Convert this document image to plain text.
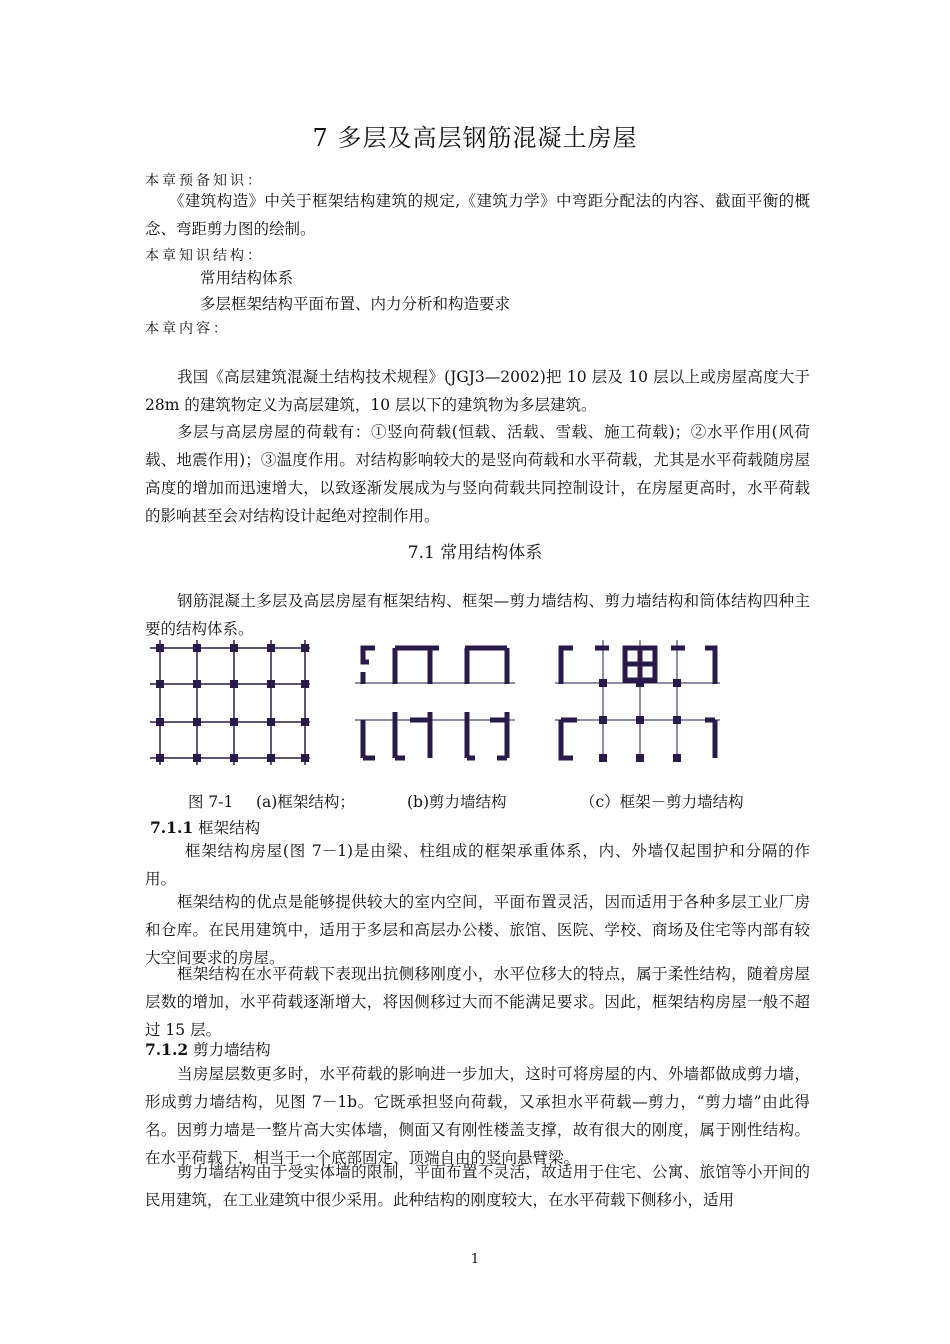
7 多层及高层钢筋混凝土房屋
本章预备知识：

《建筑构造》中关于框架结构建筑的规定,《建筑力学》中弯距分配法的内容、截面平衡的概念、弯距剪力图的绘制。

本章知识结构：
常用结构体系
多层框架结构平面布置、内力分析和构造要求
本章内容：

我国《高层建筑混凝土结构技术规程》(JGJ3—2002)把 10 层及 10 层以上或房屋高度大于 28m 的建筑物定义为高层建筑，10 层以下的建筑物为多层建筑。

多层与高层房屋的荷载有：①竖向荷载(恒载、活载、雪载、施工荷载)；②水平作用(风荷载、地震作用)；③温度作用。对结构影响较大的是竖向荷载和水平荷载，尤其是水平荷载随房屋高度的增加而迅速增大，以致逐渐发展成为与竖向荷载共同控制设计，在房屋更高时，水平荷载的影响甚至会对结构设计起绝对控制作用。

7.1 常用结构体系

钢筋混凝土多层及高层房屋有框架结构、框架—剪力墙结构、剪力墙结构和筒体结构四种主要的结构体系。

图 7-1 (a)框架结构；	(b)剪力墙结构	（c）框架－剪力墙结构
7.1.1 框架结构

框架结构房屋(图 7－1)是由梁、柱组成的框架承重体系，内、外墙仅起围护和分隔的作用。

框架结构的优点是能够提供较大的室内空间，平面布置灵活，因而适用于各种多层工业厂房和仓库。在民用建筑中，适用于多层和高层办公楼、旅馆、医院、学校、商场及住宅等内部有较大空间要求的房屋。

框架结构在水平荷载下表现出抗侧移刚度小，水平位移大的特点，属于柔性结构，随着房屋层数的增加，水平荷载逐渐增大，将因侧移过大而不能满足要求。因此，框架结构房屋一般不超过 15 层。

7.1.2 剪力墙结构

当房屋层数更多时，水平荷载的影响进一步加大，这时可将房屋的内、外墙都做成剪力墙，形成剪力墙结构，见图 7－1b。它既承担竖向荷载，又承担水平荷载—剪力，“剪力墙”由此得名。因剪力墙是一整片高大实体墙，侧面又有刚性楼盖支撑，故有很大的刚度，属于刚性结构。在水平荷载下，相当于一个底部固定、顶端自由的竖向悬臂梁。

剪力墙结构由于受实体墙的限制，平面布置不灵活，故适用于住宅、公寓、旅馆等小开间的民用建筑，在工业建筑中很少采用。此种结构的刚度较大，在水平荷载下侧移小，适用

1
